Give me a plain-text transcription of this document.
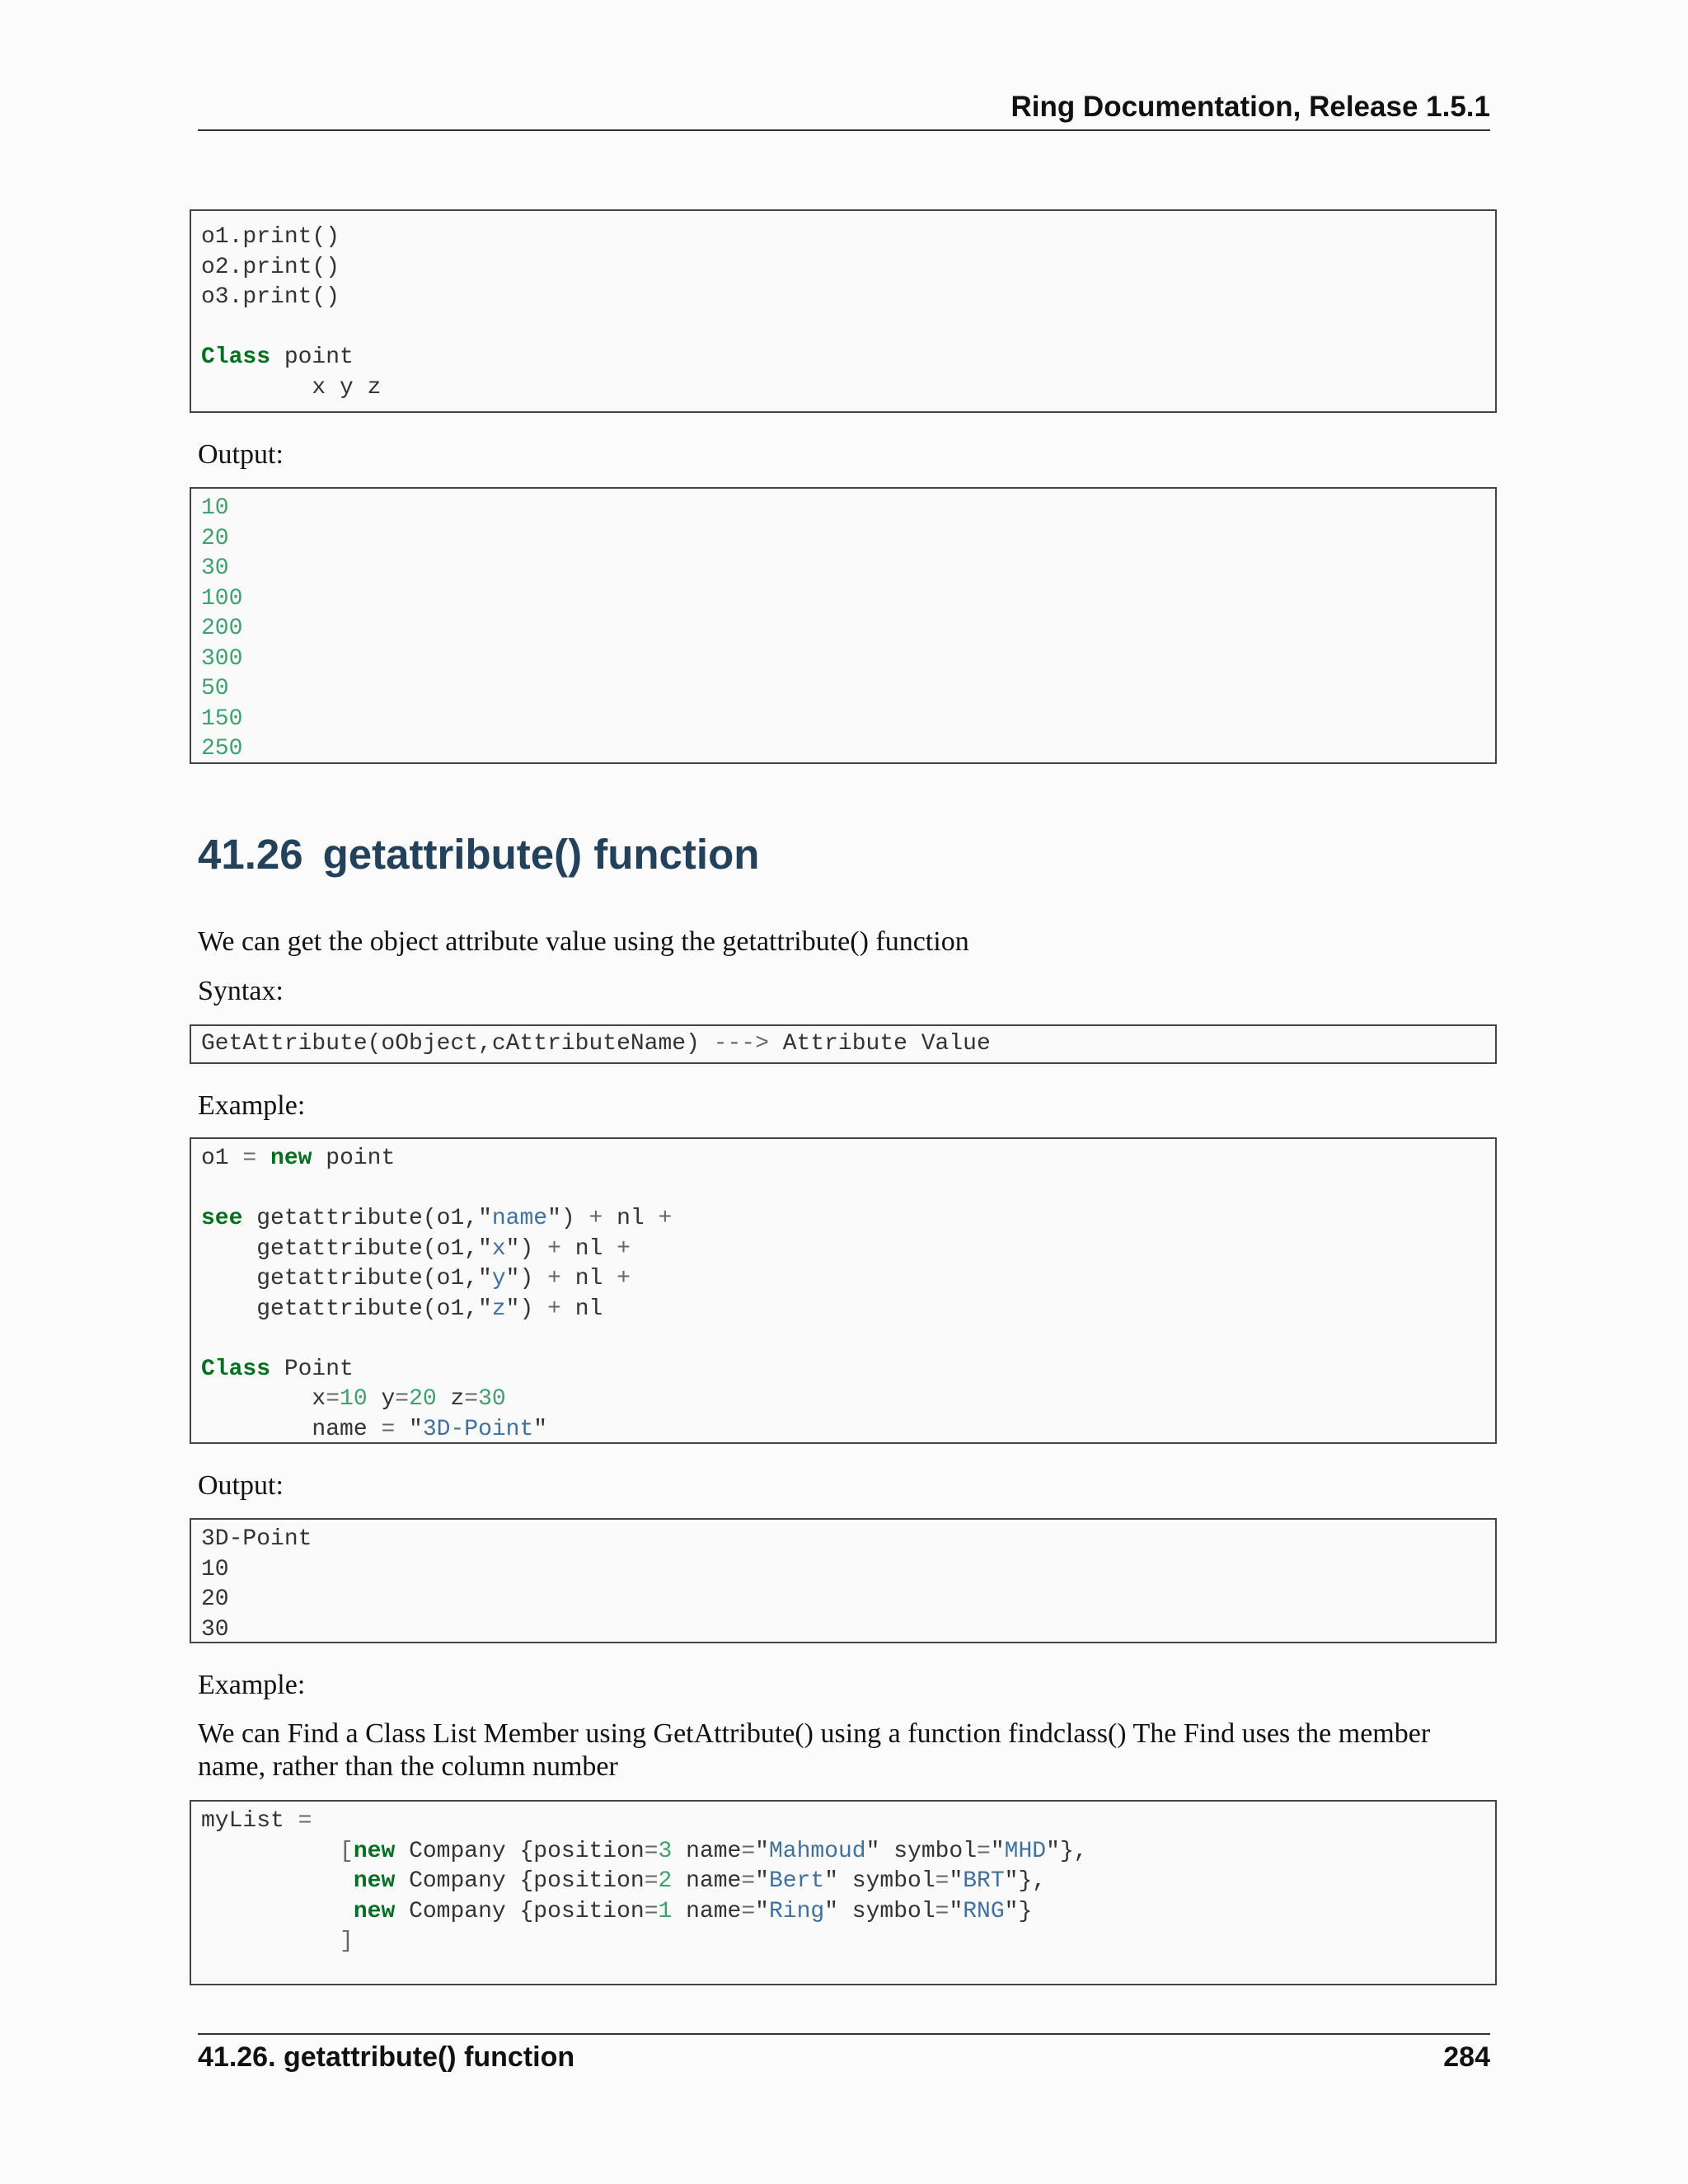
Ring Documentation, Release 1.5.1
o1.print()
o2.print()
o3.print()
Class point
x y z

Output:

10
20
30
100
200
300
50
150
250
41.26 getattribute() function

We can get the object attribute value using the getattribute() function

Syntax:

GetAttribute(oObject,cAttributeName) ---> Attribute Value

Example:

o1 = new point
see getattribute(o1,"name") + nl +
getattribute(o1,"x") + nl +
getattribute(o1,"y") + nl +
getattribute(o1,"z") + nl
Class Point
x=10 y=20 z=30
name = "3D-Point"

Output:

3D-Point
10
20
30

Example:

We can Find a Class List Member using GetAttribute() using a function findclass() The Find uses the member name, rather than the column number

myList =
[new Company {position=3 name="Mahmoud" symbol="MHD"},
new Company {position=2 name="Bert" symbol="BRT"},
new Company {position=1 name="Ring" symbol="RNG"}
]
41.26. getattribute() function	284
